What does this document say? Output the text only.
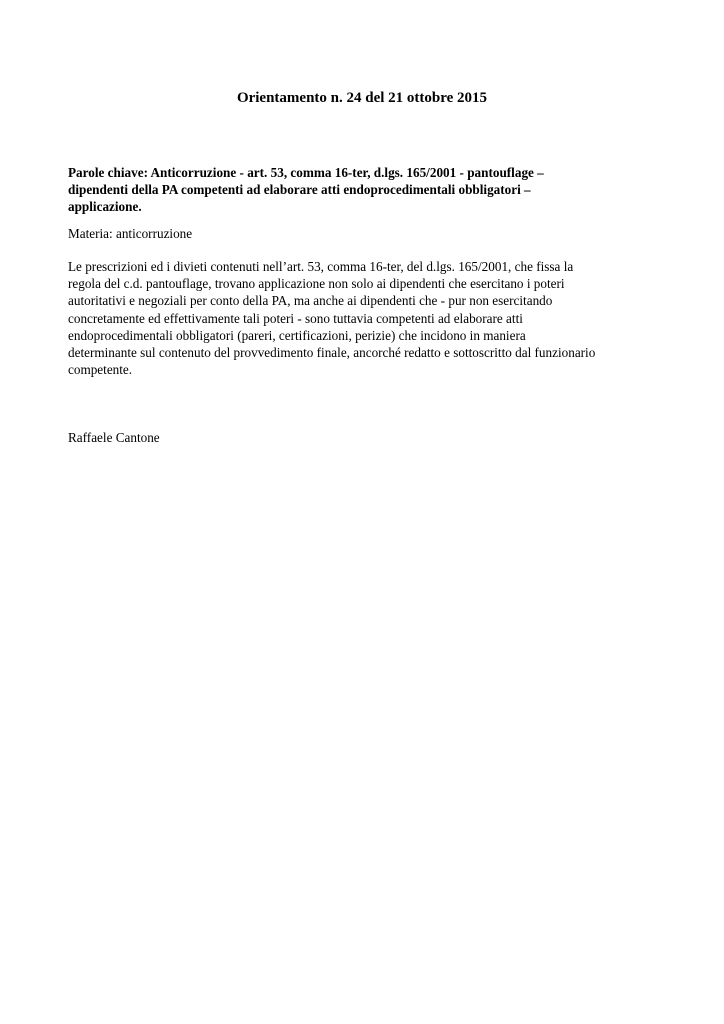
Orientamento n. 24 del 21 ottobre 2015

Parole chiave: Anticorruzione - art. 53, comma 16-ter, d.lgs. 165/2001 - pantouflage –
dipendenti della PA competenti ad elaborare atti endoprocedimentali obbligatori –
applicazione.

Materia: anticorruzione

Le prescrizioni ed i divieti contenuti nell’art. 53, comma 16-ter, del d.lgs. 165/2001, che fissa la
regola del c.d. pantouflage, trovano applicazione non solo ai dipendenti che esercitano i poteri
autoritativi e negoziali per conto della PA, ma anche ai dipendenti che - pur non esercitando
concretamente ed effettivamente tali poteri - sono tuttavia competenti ad elaborare atti
endoprocedimentali obbligatori (pareri, certificazioni, perizie) che incidono in maniera
determinante sul contenuto del provvedimento finale, ancorché redatto e sottoscritto dal funzionario
competente.

Raffaele Cantone
